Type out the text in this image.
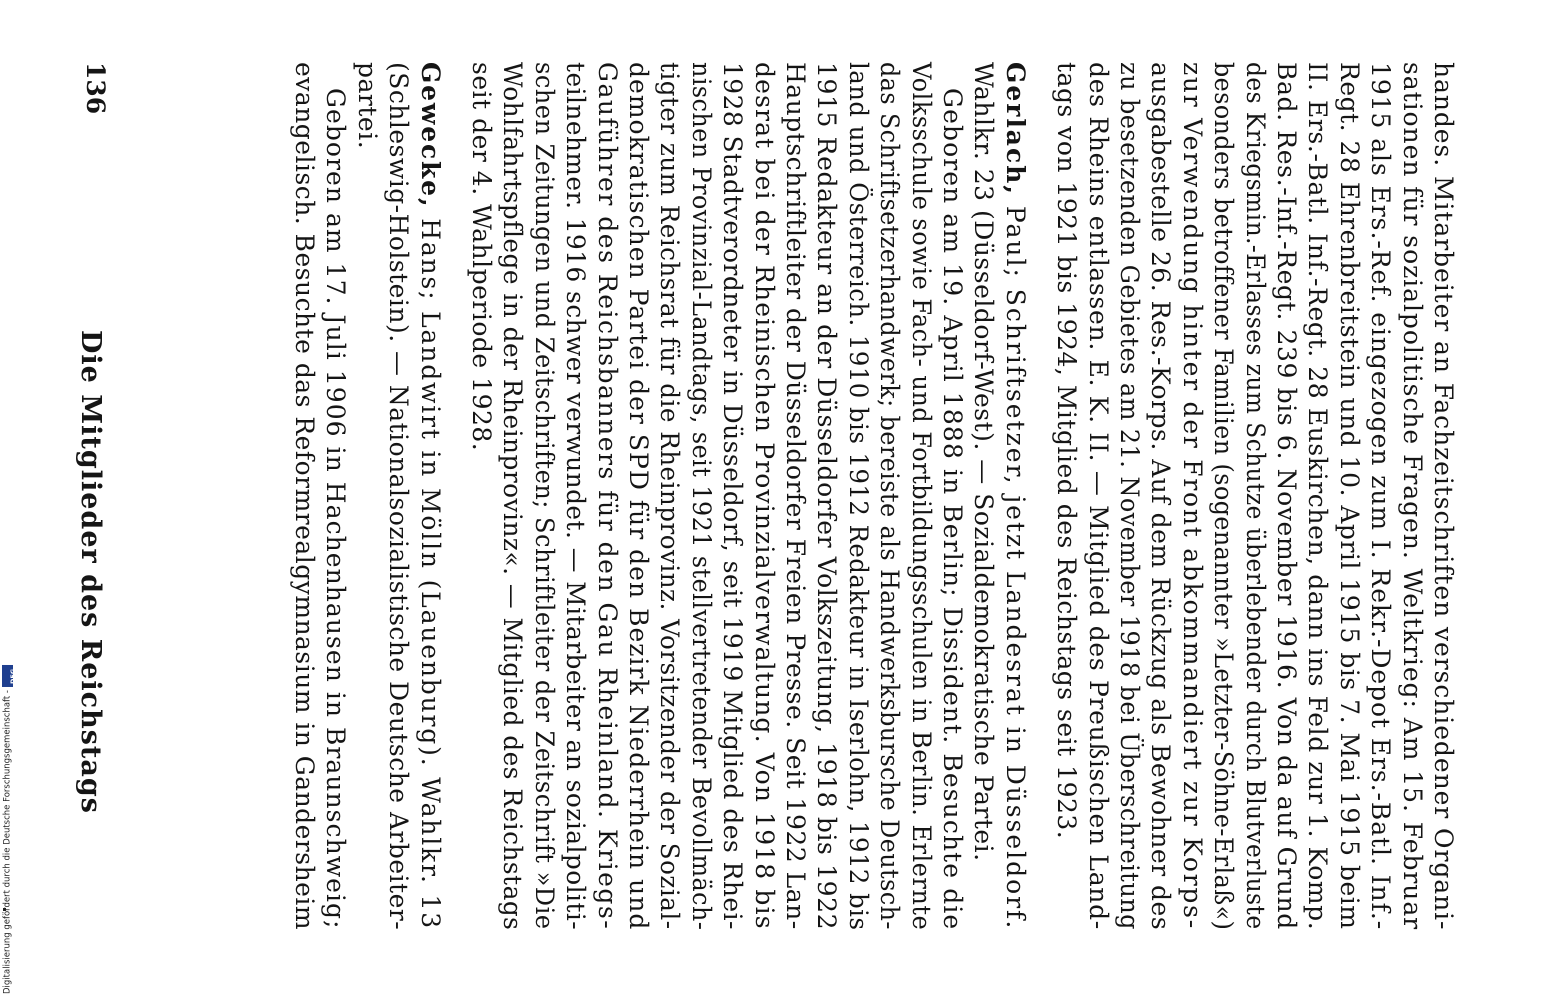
136
Die Mitglieder des Reichstags	handes. Mitarbeiter an Fachzeitschriften verschiedener Organi-
sationen für sozialpolitische Fragen. Weltkrieg: Am 15. Februar
1915 als Ers.-Ref. eingezogen zum I. Rekr.-Depot Ers.-Batl. Inf.-
Regt. 28 Ehrenbreitstein und 10. April 1915 bis 7. Mai 1915 beim
II. Ers.-Batl. Inf.-Regt. 28 Euskirchen, dann ins Feld zur 1. Komp.
Bad. Res.-Inf.-Regt. 239 bis 6. November 1916. Von da auf Grund
des Kriegsmin.-Erlasses zum Schutze überlebender durch Blutverluste
besonders betroffener Familien (sogenannter »Letzter-Söhne-Erlaß«)
zur Verwendung hinter der Front abkommandiert zur Korps-
ausgabestelle 26. Res.-Korps. Auf dem Rückzug als Bewohner des
zu besetzenden Gebietes am 21. November 1918 bei Überschreitung
des Rheins entlassen. E. K. II. — Mitglied des Preußischen Land-
tags von 1921 bis 1924, Mitglied des Reichstags seit 1923.
Gerlach, Paul; Schriftsetzer, jetzt Landesrat in Düsseldorf.
Wahlkr. 23 (Düsseldorf-West). — Sozialdemokratische Partei.
Geboren am 19. April 1888 in Berlin; Dissident. Besuchte die
Volksschule sowie Fach- und Fortbildungsschulen in Berlin. Erlernte
das Schriftsetzerhandwerk; bereiste als Handwerksbursche Deutsch-
land und Österreich. 1910 bis 1912 Redakteur in Iserlohn, 1912 bis
1915 Redakteur an der Düsseldorfer Volkszeitung, 1918 bis 1922
Hauptschriftleiter der Düsseldorfer Freien Presse. Seit 1922 Lan-
desrat bei der Rheinischen Provinzialverwaltung. Von 1918 bis
1928 Stadtverordneter in Düsseldorf, seit 1919 Mitglied des Rhei-
nischen Provinzial-Landtags, seit 1921 stellvertretender Bevollmäch-
tigter zum Reichsrat für die Rheinprovinz. Vorsitzender der Sozial-
demokratischen Partei der SPD für den Bezirk Niederrhein und
Gauführer des Reichsbanners für den Gau Rheinland. Kriegs-
teilnehmer. 1916 schwer verwundet. — Mitarbeiter an sozialpoliti-
schen Zeitungen und Zeitschriften; Schriftleiter der Zeitschrift »Die
Wohlfahrtspflege in der Rheinprovinz«. — Mitglied des Reichstags
seit der 4. Wahlperiode 1928.
Gewecke, Hans; Landwirt in Mölln (Lauenburg). Wahlkr. 13
(Schleswig-Holstein). — Nationalsozialistische Deutsche Arbeiter-
partei.
Geboren am 17. Juli 1906 in Hachenhausen in Braunschweig;
evangelisch. Besuchte das Reformrealgymnasium in Gandersheim
Digitalisierung gefördert durch die Deutsche Forschungsgemeinschaft -
DFG
